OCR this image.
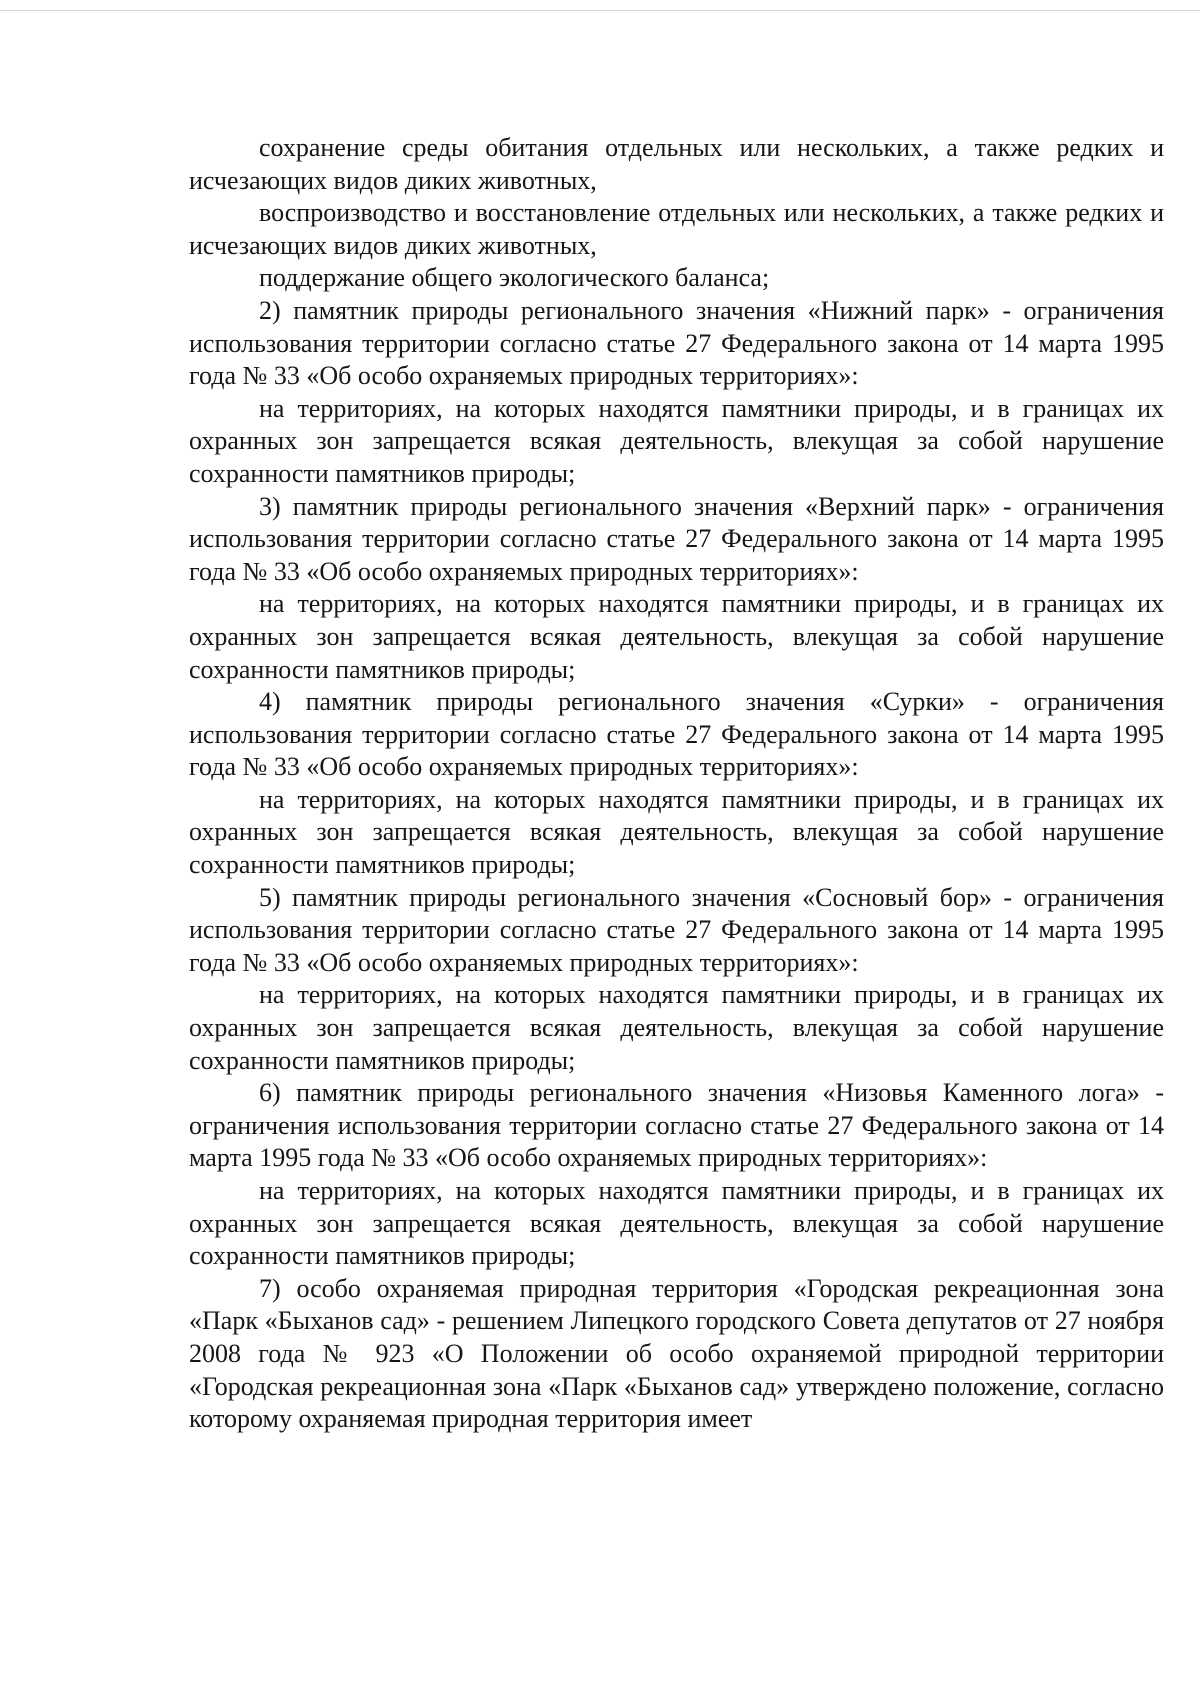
сохранение среды обитания отдельных или нескольких, а также редких и исчезающих видов диких животных,

воспроизводство и восстановление отдельных или нескольких, а также редких и исчезающих видов диких животных,

поддержание общего экологического баланса;

2) памятник природы регионального значения «Нижний парк» - ограничения использования территории согласно статье 27 Федерального закона от 14 марта 1995 года № 33 «Об особо охраняемых природных территориях»:

на территориях, на которых находятся памятники природы, и в границах их охранных зон запрещается всякая деятельность, влекущая за собой нарушение сохранности памятников природы;

3) памятник природы регионального значения «Верхний парк» - ограничения использования территории согласно статье 27 Федерального закона от 14 марта 1995 года № 33 «Об особо охраняемых природных территориях»:

на территориях, на которых находятся памятники природы, и в границах их охранных зон запрещается всякая деятельность, влекущая за собой нарушение сохранности памятников природы;

4) памятник природы регионального значения «Сурки» - ограничения использования территории согласно статье 27 Федерального закона от 14 марта 1995 года № 33 «Об особо охраняемых природных территориях»:

на территориях, на которых находятся памятники природы, и в границах их охранных зон запрещается всякая деятельность, влекущая за собой нарушение сохранности памятников природы;

5) памятник природы регионального значения «Сосновый бор» - ограничения использования территории согласно статье 27 Федерального закона от 14 марта 1995 года № 33 «Об особо охраняемых природных территориях»:

на территориях, на которых находятся памятники природы, и в границах их охранных зон запрещается всякая деятельность, влекущая за собой нарушение сохранности памятников природы;

6) памятник природы регионального значения «Низовья Каменного лога» - ограничения использования территории согласно статье 27 Федерального закона от 14 марта 1995 года № 33 «Об особо охраняемых природных территориях»:

на территориях, на которых находятся памятники природы, и в границах их охранных зон запрещается всякая деятельность, влекущая за собой нарушение сохранности памятников природы;

7) особо охраняемая природная территория «Городская рекреационная зона «Парк «Быханов сад» - решением Липецкого городского Совета депутатов от 27 ноября 2008 года № 923 «О Положении об особо охраняемой природной территории «Городская рекреационная зона «Парк «Быханов сад» утверждено положение, согласно которому охраняемая природная территория имеет
